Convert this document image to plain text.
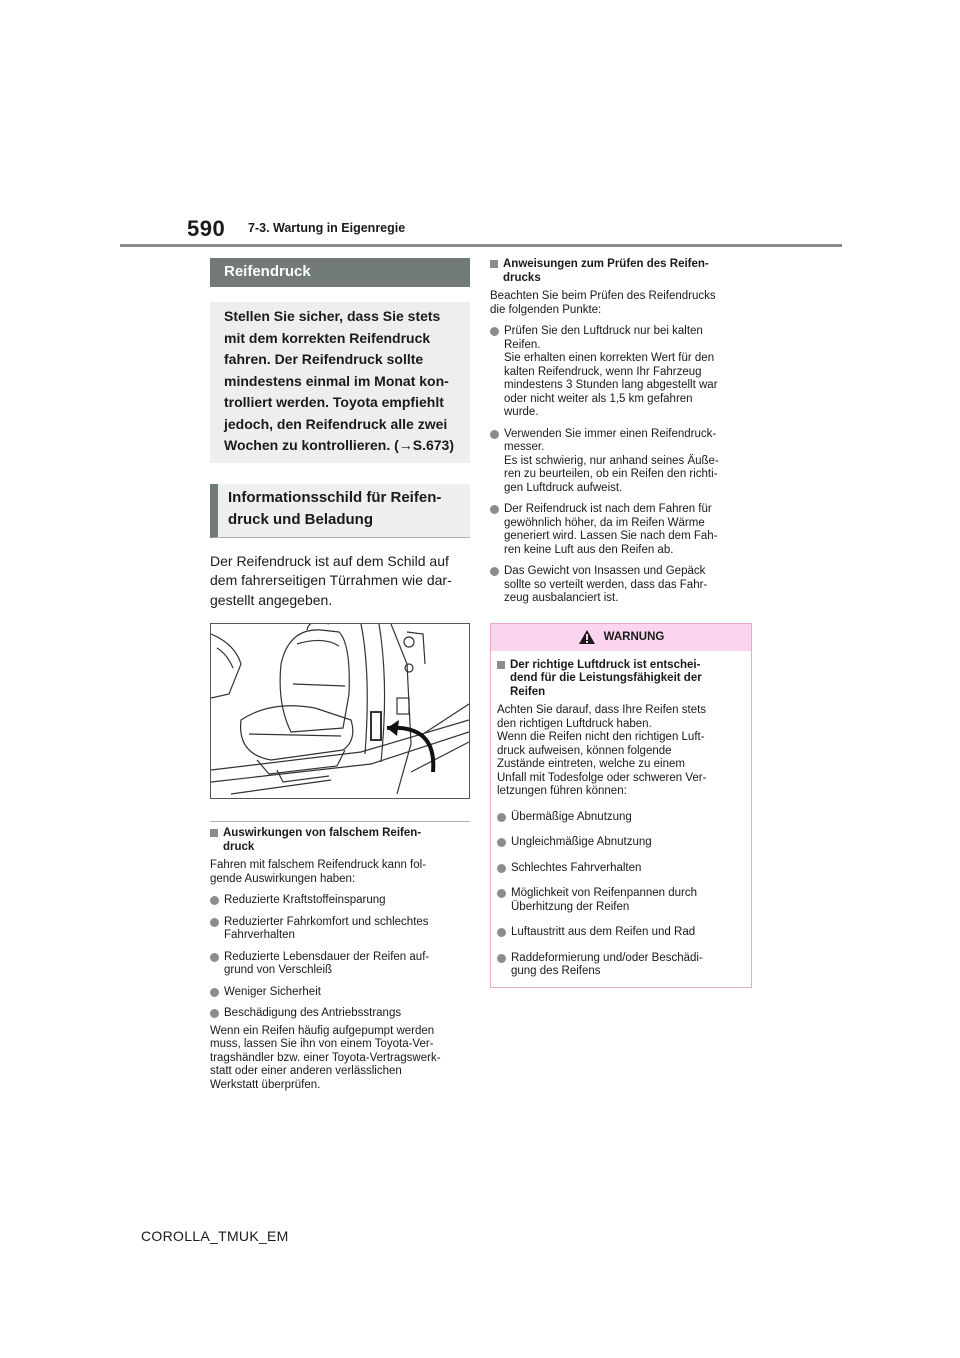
590 7-3. Wartung in Eigenregie
Reifendruck
Stellen Sie sicher, dass Sie stets
mit dem korrekten Reifendruck
fahren. Der Reifendruck sollte
mindestens einmal im Monat kon-
trolliert werden. Toyota empfiehlt
jedoch, den Reifendruck alle zwei
Wochen zu kontrollieren. (→S.673)
Informationsschild für Reifen-
druck und Beladung
Der Reifendruck ist auf dem Schild auf
dem fahrerseitigen Türrahmen wie dar-
gestellt angegeben.
Auswirkungen von falschem Reifen-
druck
Fahren mit falschem Reifendruck kann fol-
gende Auswirkungen haben:
Reduzierte Kraftstoffeinsparung
Reduzierter Fahrkomfort und schlechtes
Fahrverhalten
Reduzierte Lebensdauer der Reifen auf-
grund von Verschleiß
Weniger Sicherheit
Beschädigung des Antriebsstrangs
Wenn ein Reifen häufig aufgepumpt werden
muss, lassen Sie ihn von einem Toyota-Ver-
tragshändler bzw. einer Toyota-Vertragswerk-
statt oder einer anderen verlässlichen
Werkstatt überprüfen.
Anweisungen zum Prüfen des Reifen-
drucks
Beachten Sie beim Prüfen des Reifendrucks
die folgenden Punkte:
Prüfen Sie den Luftdruck nur bei kalten
Reifen.
Sie erhalten einen korrekten Wert für den
kalten Reifendruck, wenn Ihr Fahrzeug
mindestens 3 Stunden lang abgestellt war
oder nicht weiter als 1,5 km gefahren
wurde.
Verwenden Sie immer einen Reifendruck-
messer.
Es ist schwierig, nur anhand seines Äuße-
ren zu beurteilen, ob ein Reifen den richti-
gen Luftdruck aufweist.
Der Reifendruck ist nach dem Fahren für
gewöhnlich höher, da im Reifen Wärme
generiert wird. Lassen Sie nach dem Fah-
ren keine Luft aus den Reifen ab.
Das Gewicht von Insassen und Gepäck
sollte so verteilt werden, dass das Fahr-
zeug ausbalanciert ist.
WARNUNG
Der richtige Luftdruck ist entschei-
dend für die Leistungsfähigkeit der
Reifen
Achten Sie darauf, dass Ihre Reifen stets
den richtigen Luftdruck haben.
Wenn die Reifen nicht den richtigen Luft-
druck aufweisen, können folgende
Zustände eintreten, welche zu einem
Unfall mit Todesfolge oder schweren Ver-
letzungen führen können:
Übermäßige Abnutzung
Ungleichmäßige Abnutzung
Schlechtes Fahrverhalten
Möglichkeit von Reifenpannen durch
Überhitzung der Reifen
Luftaustritt aus dem Reifen und Rad
Raddeformierung und/oder Beschädi-
gung des Reifens
COROLLA_TMUK_EM
